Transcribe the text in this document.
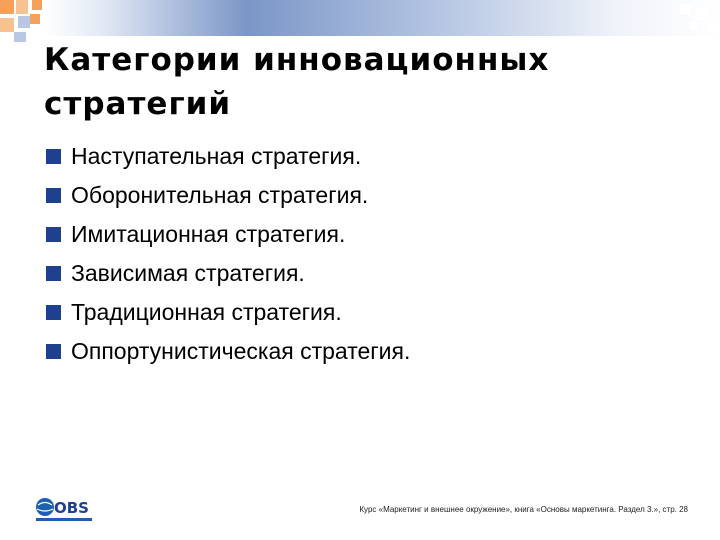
Категории инновационных стратегий
Наступательная стратегия.
Оборонительная стратегия.
Имитационная стратегия.
Зависимая стратегия.
Традиционная стратегия.
Оппортунистическая стратегия.
OBS	Курс «Маркетинг и внешнее окружение», книга «Основы маркетинга. Раздел 3.», стр. 28
